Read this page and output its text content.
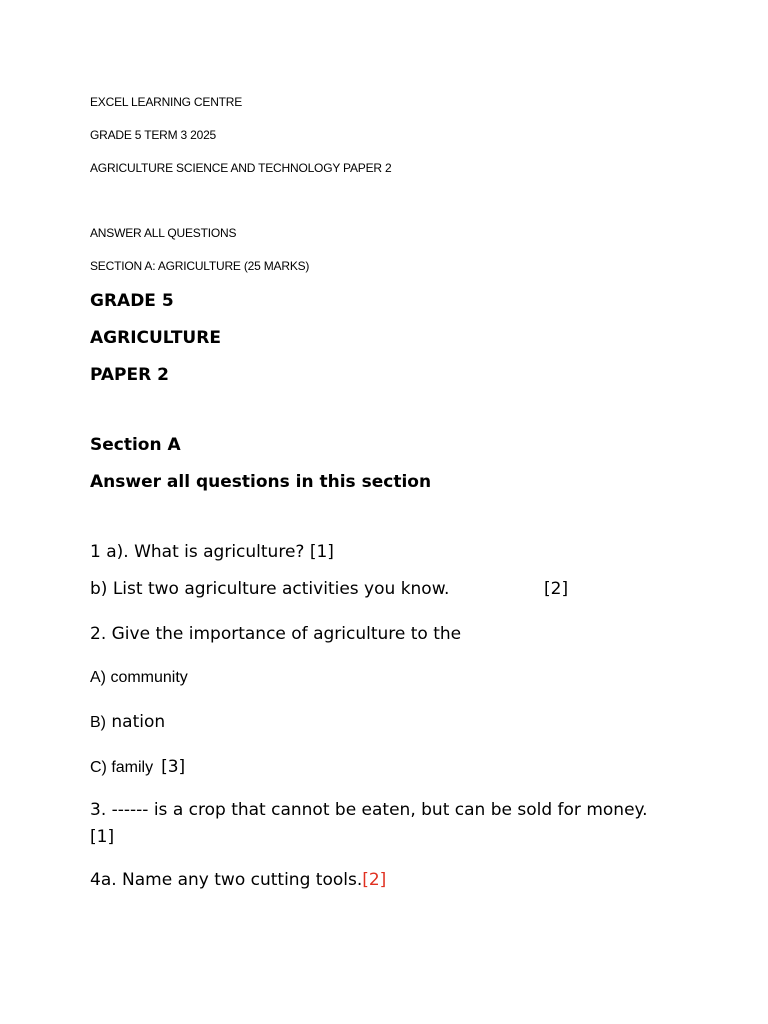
EXCEL LEARNING CENTRE

GRADE 5 TERM 3 2025

AGRICULTURE SCIENCE AND TECHNOLOGY PAPER 2

ANSWER ALL QUESTIONS

SECTION A: AGRICULTURE (25 MARKS)

GRADE 5

AGRICULTURE

PAPER 2

Section A

Answer all questions in this section

1 a). What is agriculture? [1]

b) List two agriculture activities you know.	[2]

2. Give the importance of agriculture to the

A) community

B) nation

C) family [3]

3. ------ is a crop that cannot be eaten, but can be sold for money.

[1]

4a. Name any two cutting tools.[2]
